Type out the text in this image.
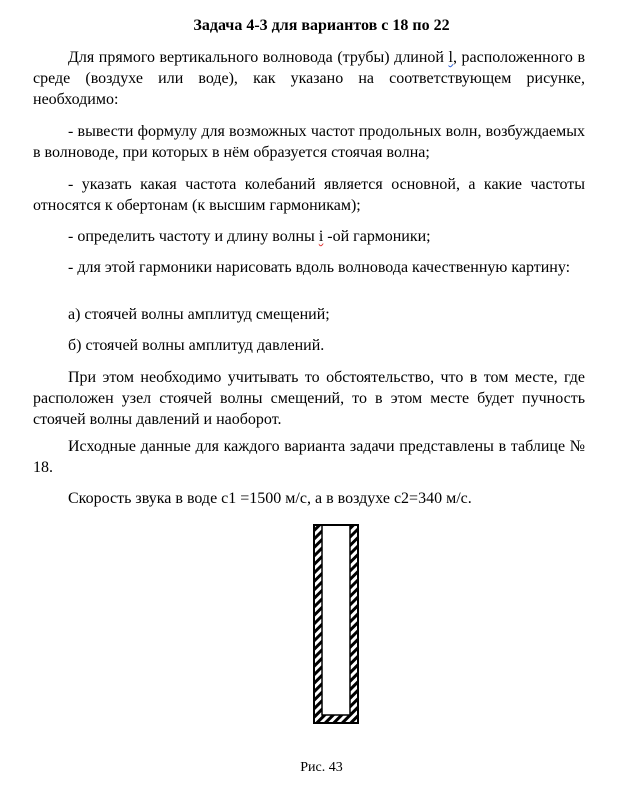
Задача 4-3 для вариантов с 18 по 22
Для прямого вертикального волновода (трубы) длиной l, расположенного в среде (воздухе или воде), как указано на соответствующем рисунке, необходимо:
- вывести формулу для возможных частот продольных волн, возбуждаемых в волноводе, при которых в нём образуется стоячая волна;
- указать какая частота колебаний является основной, а какие частоты относятся к обертонам (к высшим гармоникам);
- определить частоту и длину волны i -ой гармоники;
- для этой гармоники нарисовать вдоль волновода качественную картину:
а) стоячей волны амплитуд смещений;
б) стоячей волны амплитуд давлений.
При этом необходимо учитывать то обстоятельство, что в том месте, где расположен узел стоячей волны смещений, то в этом месте будет пучность стоячей волны давлений и наоборот.
Исходные данные для каждого варианта задачи представлены в таблице № 18.
Скорость звука в воде c1 =1500 м/с, а в воздухе c2=340 м/с.
Рис. 43
